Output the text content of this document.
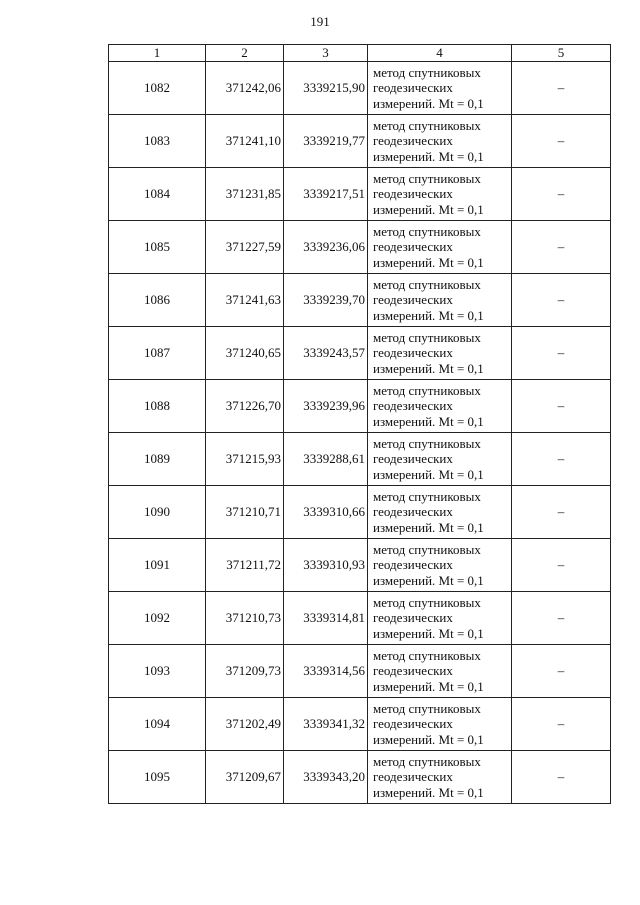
191
1	2	3	4	5
1082	371242,06	3339215,90	метод спутниковых
геодезических
измерений. Mt = 0,1	–
1083	371241,10	3339219,77	метод спутниковых
геодезических
измерений. Mt = 0,1	–
1084	371231,85	3339217,51	метод спутниковых
геодезических
измерений. Mt = 0,1	–
1085	371227,59	3339236,06	метод спутниковых
геодезических
измерений. Mt = 0,1	–
1086	371241,63	3339239,70	метод спутниковых
геодезических
измерений. Mt = 0,1	–
1087	371240,65	3339243,57	метод спутниковых
геодезических
измерений. Mt = 0,1	–
1088	371226,70	3339239,96	метод спутниковых
геодезических
измерений. Mt = 0,1	–
1089	371215,93	3339288,61	метод спутниковых
геодезических
измерений. Mt = 0,1	–
1090	371210,71	3339310,66	метод спутниковых
геодезических
измерений. Mt = 0,1	–
1091	371211,72	3339310,93	метод спутниковых
геодезических
измерений. Mt = 0,1	–
1092	371210,73	3339314,81	метод спутниковых
геодезических
измерений. Mt = 0,1	–
1093	371209,73	3339314,56	метод спутниковых
геодезических
измерений. Mt = 0,1	–
1094	371202,49	3339341,32	метод спутниковых
геодезических
измерений. Mt = 0,1	–
1095	371209,67	3339343,20	метод спутниковых
геодезических
измерений. Mt = 0,1	–
